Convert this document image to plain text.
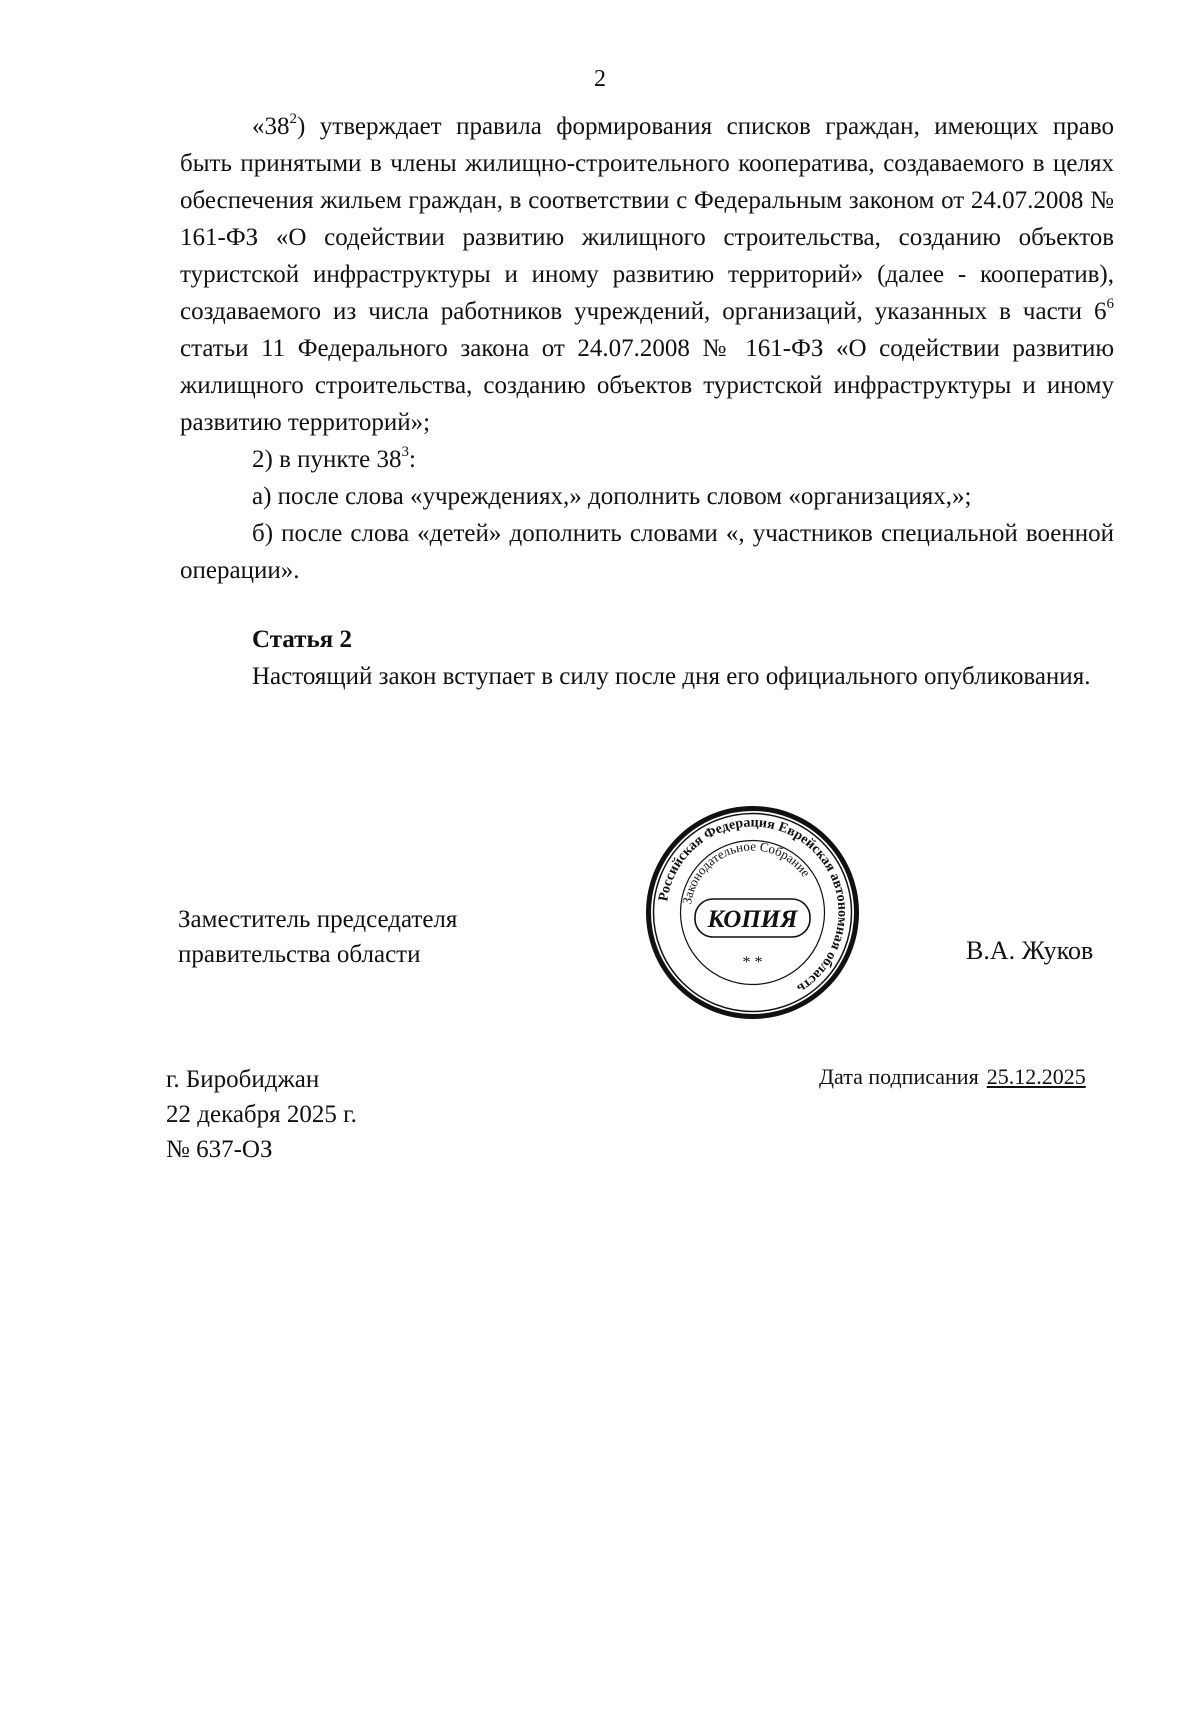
2

«$38^2$) утверждает правила формирования списков граждан, имеющих право быть принятыми в члены жилищно-строительного кооператива, создаваемого в целях обеспечения жильем граждан, в соответствии с Федеральным законом от 24.07.2008 № 161-ФЗ «О содействии развитию жилищного строительства, созданию объектов туристской инфраструктуры и иному развитию территорий» (далее - кооператив), создаваемого из числа работников учреждений, организаций, указанных в части $6^6$ статьи 11 Федерального закона от 24.07.2008 № 161-ФЗ «О содействии развитию жилищного строительства, созданию объектов туристской инфраструктуры и иному развитию территорий»;

2) в пункте $38^3$:

а) после слова «учреждениях,» дополнить словом «организациях,»;

б) после слова «детей» дополнить словами «, участников специальной военной операции».

Статья 2

Настоящий закон вступает в силу после дня его официального опубликования.

Заместитель председателя
правительства области
Российская Федерация Еврейская автономная область
Законодательное Собрание
КОПИЯ
* *	В.А. Жуков
г. Биробиджан
22 декабря 2025 г.
№ 637-ОЗ
Дата подписания 25.12.2025
